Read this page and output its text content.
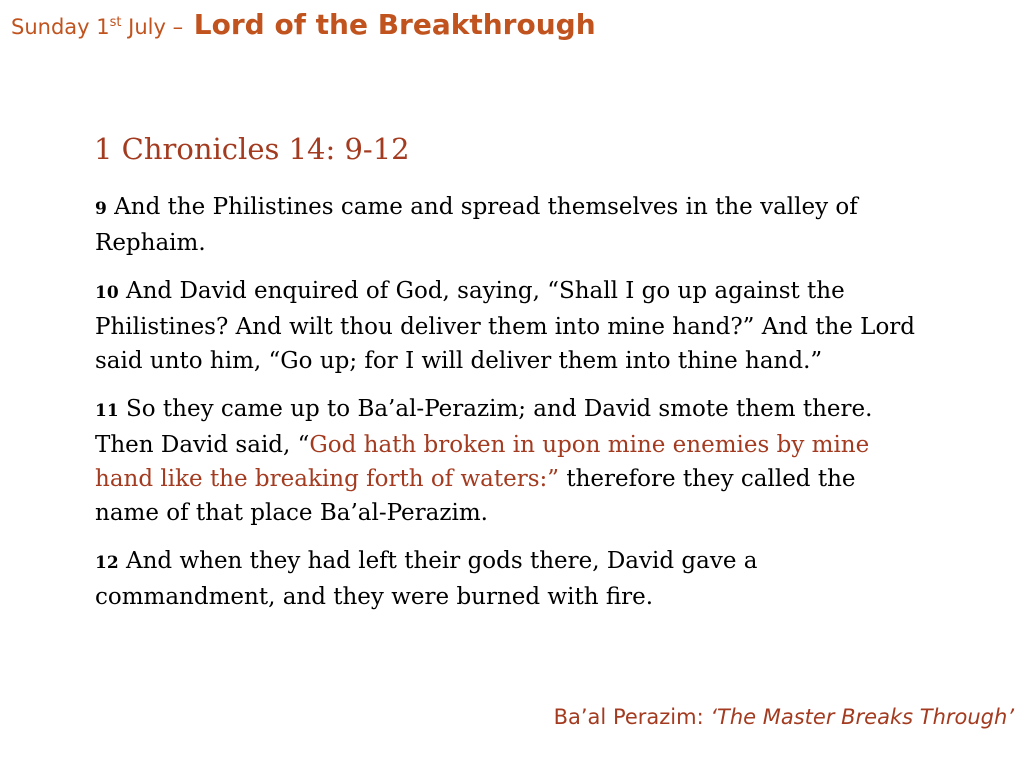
Sunday 1st July – Lord of the Breakthrough
1 Chronicles 14: 9-12

9 And the Philistines came and spread themselves in the valley of Rephaim.

10 And David enquired of God, saying, “Shall I go up against the Philistines? And wilt thou deliver them into mine hand?” And the Lord said unto him, “Go up; for I will deliver them into thine hand.”

11 So they came up to Ba’al-Perazim; and David smote them there. Then David said, “God hath broken in upon mine enemies by mine hand like the breaking forth of waters:” therefore they called the name of that place Ba’al-Perazim.

12 And when they had left their gods there, David gave a commandment, and they were burned with fire.

Ba’al Perazim: ‘The Master Breaks Through’
